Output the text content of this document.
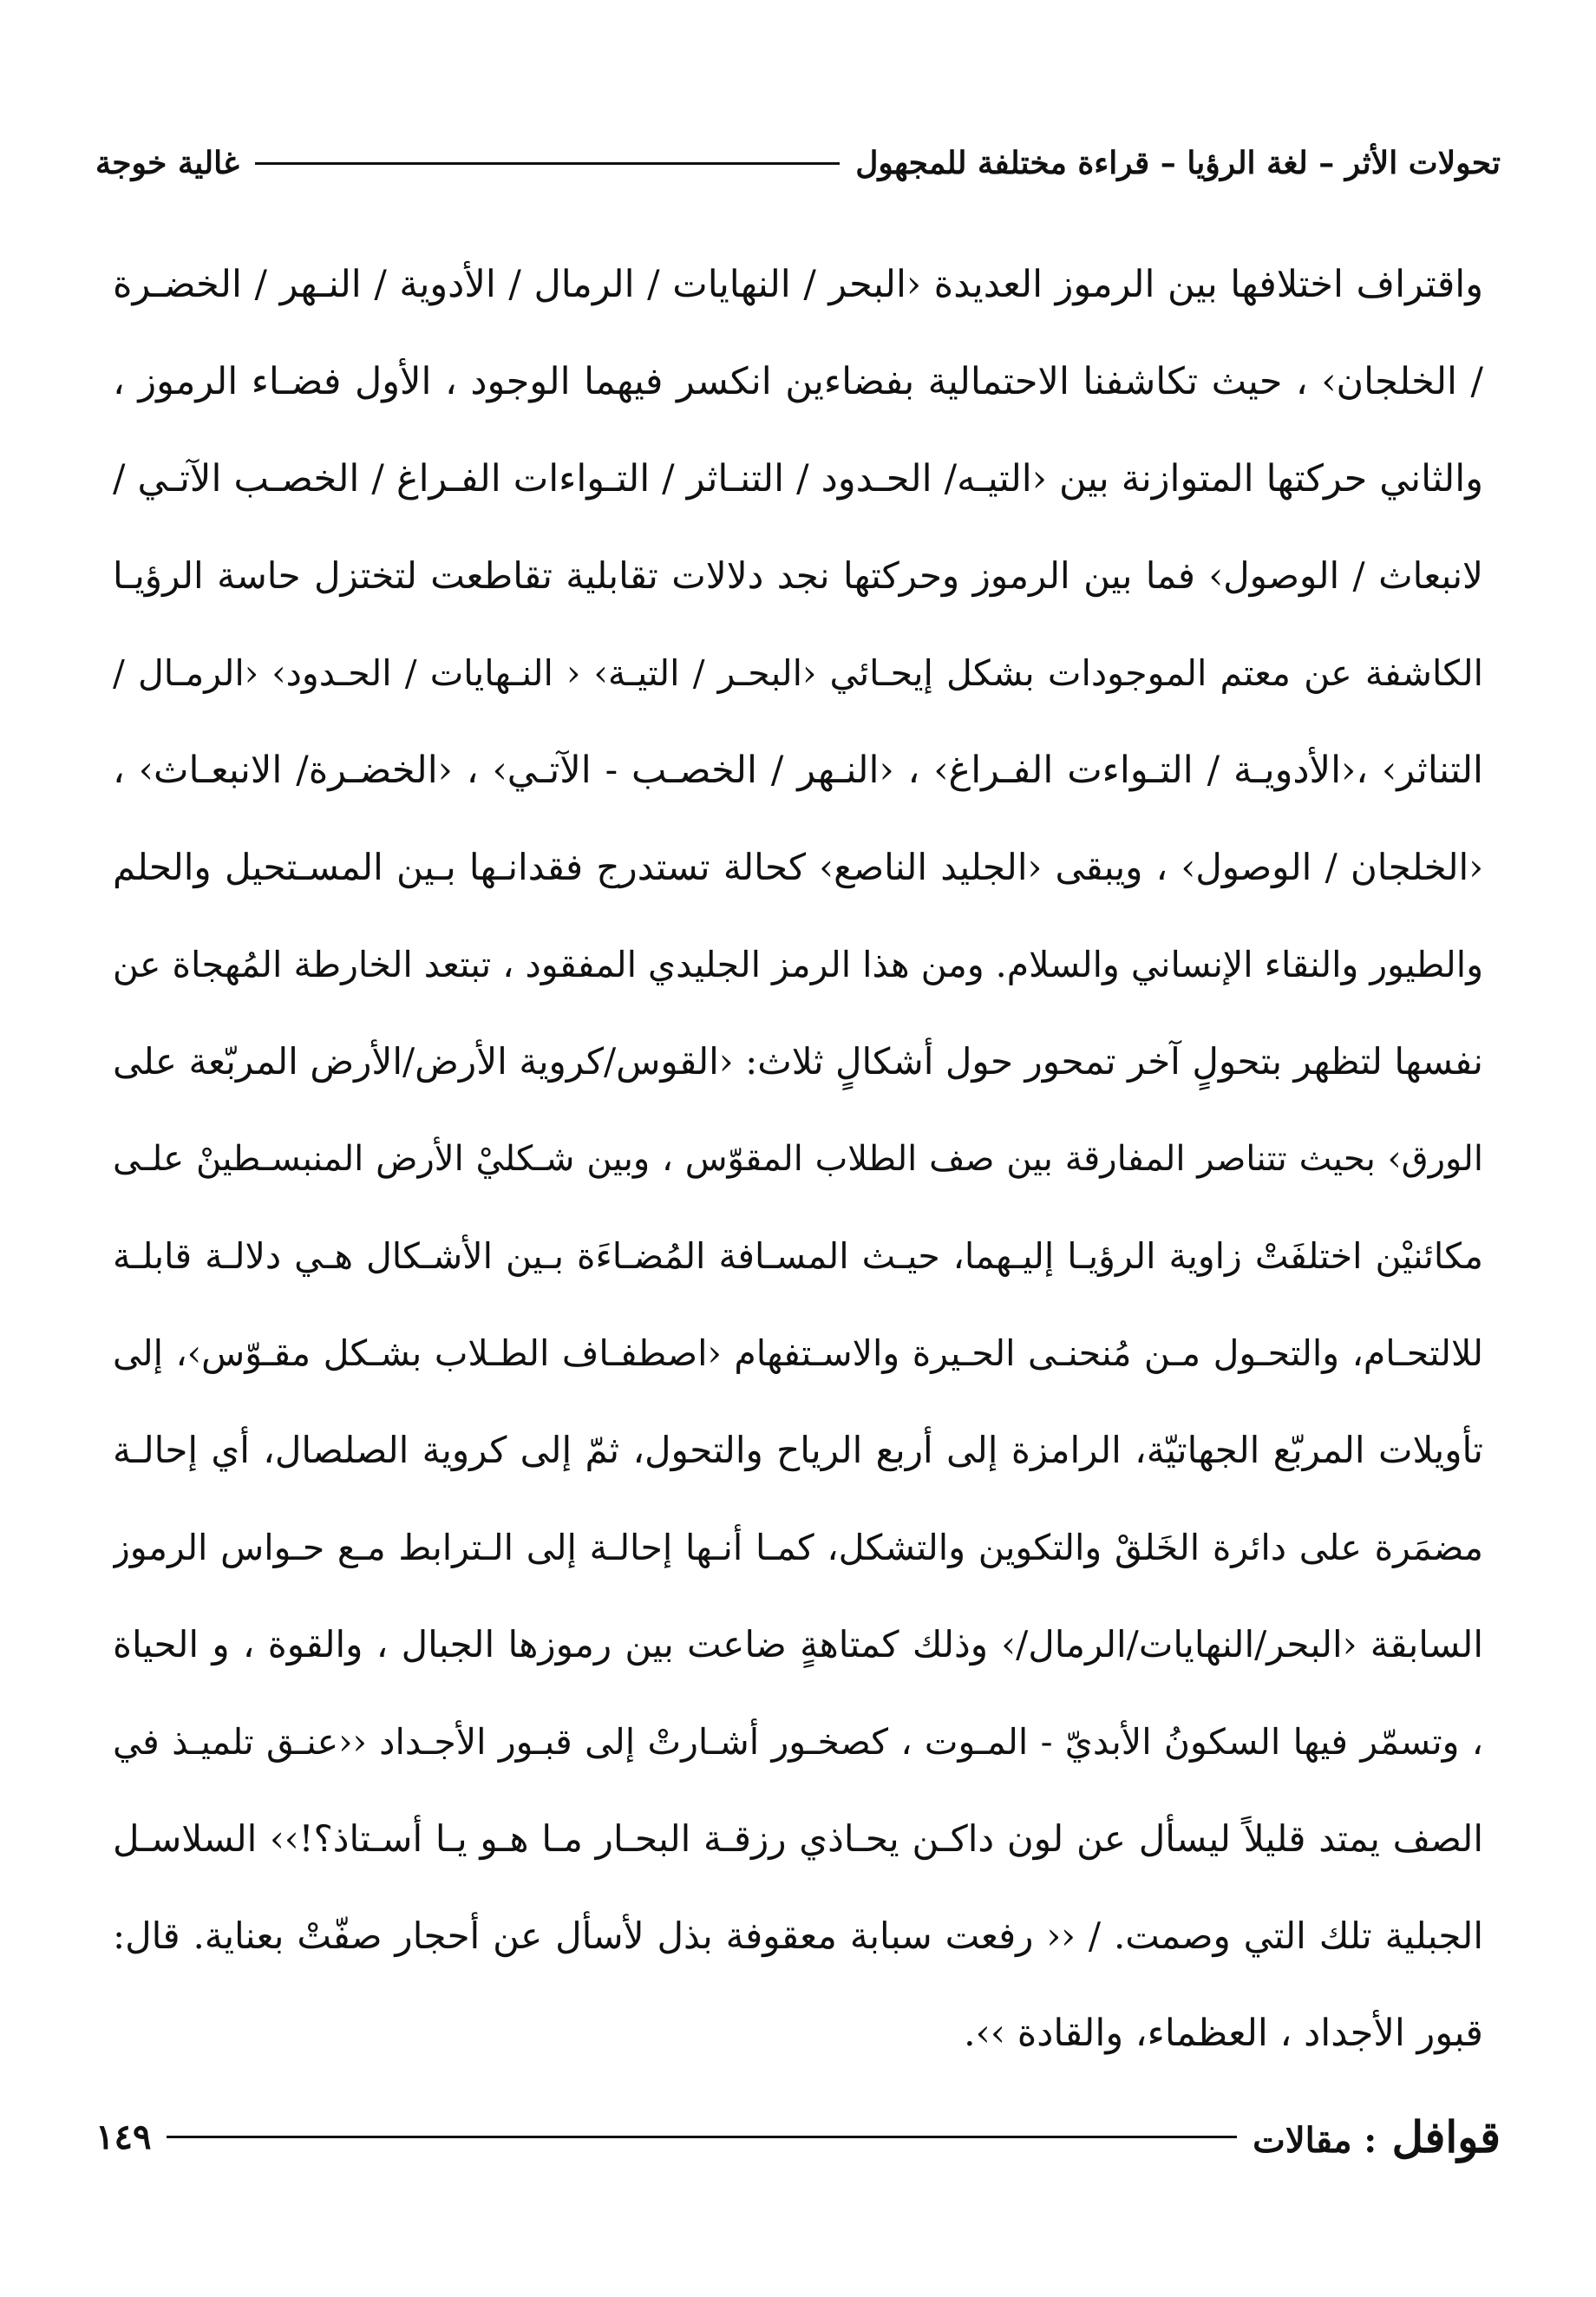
تحولات الأثر – لغة الرؤيا – قراءة مختلفة للمجهول
غالية خوجة
واقتراف اختلافها بين الرموز العديدة ‹البحر / النهايات / الرمال / الأدوية / النـهر / الخضـرة
/ الخلجان› ، حيث تكاشفنا الاحتمالية بفضاءين انكسر فيهما الوجود ، الأول فضـاء الرموز ،
والثاني حركتها المتوازنة بين ‹التيـه/ الحـدود / التنـاثر / التـواءات الفـراغ / الخصـب الآتـي /
لانبعاث / الوصول› فما بين الرموز وحركتها نجد دلالات تقابلية تقاطعت لتختزل حاسة الرؤيـا
الكاشفة عن معتم الموجودات بشكل إيحـائي ‹البحـر / التيـة› ‹ النـهايات / الحـدود› ‹الرمـال /
التناثر› ،‹الأدويـة / التـواءت الفـراغ› ، ‹النـهر / الخصـب - الآتـي› ، ‹الخضـرة/ الانبعـاث› ،
‹الخلجان / الوصول› ، ويبقى ‹الجليد الناصع› كحالة تستدرج فقدانـها بـين المسـتحيل والحلم
والطيور والنقاء الإنساني والسلام. ومن هذا الرمز الجليدي المفقود ، تبتعد الخارطة المُهجاة عن
نفسها لتظهر بتحولٍ آخر تمحور حول أشكالٍ ثلاث: ‹القوس/كروية الأرض/الأرض المربّعة على
الورق› بحيث تتناصر المفارقة بين صف الطلاب المقوّس ، وبين شـكليْ الأرض المنبسـطينْ علـى
مكائنيْن اختلفَتْ زاوية الرؤيـا إليـهما، حيـث المسـافة المُضـاءَة بـين الأشـكال هـي دلالـة قابلـة
للالتحـام، والتحـول مـن مُنحنـى الحـيرة والاسـتفهام ‹اصطفـاف الطـلاب بشـكل مقـوّس›، إلى
تأويلات المربّع الجهاتيّة، الرامزة إلى أربع الرياح والتحول، ثمّ إلى كروية الصلصال، أي إحالـة
مضمَرة على دائرة الخَلقْ والتكوين والتشكل، كمـا أنـها إحالـة إلى الـترابط مـع حـواس الرموز
السابقة ‹البحر/النهايات/الرمال/› وذلك كمتاهةٍ ضاعت بين رموزها الجبال ، والقوة ، و الحياة
، وتسمّر فيها السكونُ الأبديّ - المـوت ، كصخـور أشـارتْ إلى قبـور الأجـداد ‹‹عنـق تلميـذ في
الصف يمتد قليلاً ليسأل عن لون داكـن يحـاذي رزقـة البحـار مـا هـو يـا أسـتاذ؟!›› السلاسـل
الجبلية تلك التي وصمت. / ‹‹ رفعت سبابة معقوفة بذل لأسأل عن أحجار صفّتْ بعناية. قال:
قبور الأجداد ، العظماء، والقادة ››.
قوافل : مقالات
١٤٩
